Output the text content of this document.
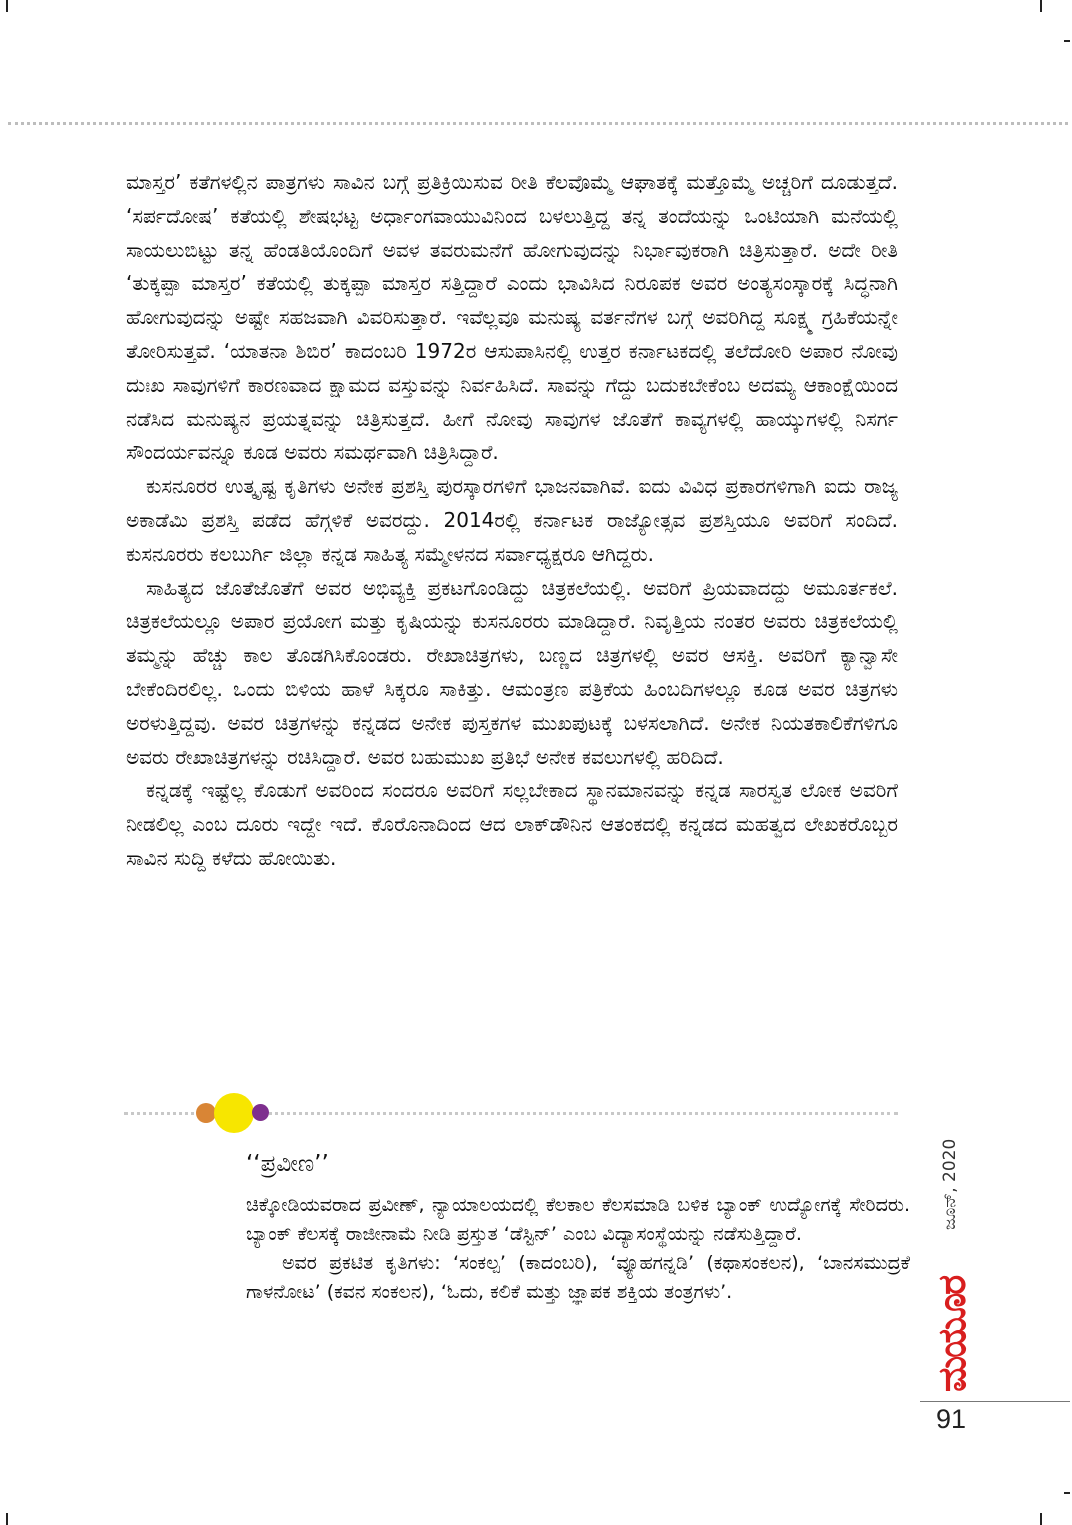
ಮಾಸ್ತರ’ ಕತೆಗಳಲ್ಲಿನ ಪಾತ್ರಗಳು ಸಾವಿನ ಬಗ್ಗೆ ಪ್ರತಿಕ್ರಿಯಿಸುವ ರೀತಿ ಕೆಲವೊಮ್ಮೆ ಆಘಾತಕ್ಕೆ ಮತ್ತೊಮ್ಮೆ ಅಚ್ಚರಿಗೆ ದೂಡುತ್ತದೆ. ‘ಸರ್ಪದೋಷ’ ಕತೆಯಲ್ಲಿ ಶೇಷಭಟ್ಟ ಅರ್ಧಾಂಗವಾಯುವಿನಿಂದ ಬಳಲುತ್ತಿದ್ದ ತನ್ನ ತಂದೆಯನ್ನು ಒಂಟಿಯಾಗಿ ಮನೆಯಲ್ಲಿ ಸಾಯಲುಬಿಟ್ಟು ತನ್ನ ಹೆಂಡತಿಯೊಂದಿಗೆ ಅವಳ ತವರುಮನೆಗೆ ಹೋಗುವುದನ್ನು ನಿರ್ಭಾವುಕರಾಗಿ ಚಿತ್ರಿಸುತ್ತಾರೆ. ಅದೇ ರೀತಿ ‘ತುಕ್ಕಪ್ಪಾ ಮಾಸ್ತರ’ ಕತೆಯಲ್ಲಿ ತುಕ್ಕಪ್ಪಾ ಮಾಸ್ತರ ಸತ್ತಿದ್ದಾರೆ ಎಂದು ಭಾವಿಸಿದ ನಿರೂಪಕ ಅವರ ಅಂತ್ಯಸಂಸ್ಕಾರಕ್ಕೆ ಸಿದ್ಧನಾಗಿ ಹೋಗುವುದನ್ನು ಅಷ್ಟೇ ಸಹಜವಾಗಿ ವಿವರಿಸುತ್ತಾರೆ. ಇವೆಲ್ಲವೂ ಮನುಷ್ಯ ವರ್ತನೆಗಳ ಬಗ್ಗೆ ಅವರಿಗಿದ್ದ ಸೂಕ್ಷ್ಮ ಗ್ರಹಿಕೆಯನ್ನೇ ತೋರಿಸುತ್ತವೆ. ‘ಯಾತನಾ ಶಿಬಿರ’ ಕಾದಂಬರಿ 1972ರ ಆಸುಪಾಸಿನಲ್ಲಿ ಉತ್ತರ ಕರ್ನಾಟಕದಲ್ಲಿ ತಲೆದೋರಿ ಅಪಾರ ನೋವು ದುಃಖ ಸಾವುಗಳಿಗೆ ಕಾರಣವಾದ ಕ್ಷಾಮದ ವಸ್ತುವನ್ನು ನಿರ್ವಹಿಸಿದೆ. ಸಾವನ್ನು ಗೆದ್ದು ಬದುಕಬೇಕೆಂಬ ಅದಮ್ಯ ಆಕಾಂಕ್ಷೆಯಿಂದ ನಡೆಸಿದ ಮನುಷ್ಯನ ಪ್ರಯತ್ನವನ್ನು ಚಿತ್ರಿಸುತ್ತದೆ. ಹೀಗೆ ನೋವು ಸಾವುಗಳ ಜೊತೆಗೆ ಕಾವ್ಯಗಳಲ್ಲಿ ಹಾಯ್ಕುಗಳಲ್ಲಿ ನಿಸರ್ಗ ಸೌಂದರ್ಯವನ್ನೂ ಕೂಡ ಅವರು ಸಮರ್ಥವಾಗಿ ಚಿತ್ರಿಸಿದ್ದಾರೆ.

ಕುಸನೂರರ ಉತ್ಕೃಷ್ಟ ಕೃತಿಗಳು ಅನೇಕ ಪ್ರಶಸ್ತಿ ಪುರಸ್ಕಾರಗಳಿಗೆ ಭಾಜನವಾಗಿವೆ. ಐದು ವಿವಿಧ ಪ್ರಕಾರಗಳಿಗಾಗಿ ಐದು ರಾಜ್ಯ ಅಕಾಡೆಮಿ ಪ್ರಶಸ್ತಿ ಪಡೆದ ಹೆಗ್ಗಳಿಕೆ ಅವರದ್ದು. 2014ರಲ್ಲಿ ಕರ್ನಾಟಕ ರಾಜ್ಯೋತ್ಸವ ಪ್ರಶಸ್ತಿಯೂ ಅವರಿಗೆ ಸಂದಿದೆ. ಕುಸನೂರರು ಕಲಬುರ್ಗಿ ಜಿಲ್ಲಾ ಕನ್ನಡ ಸಾಹಿತ್ಯ ಸಮ್ಮೇಳನದ ಸರ್ವಾಧ್ಯಕ್ಷರೂ ಆಗಿದ್ದರು.

ಸಾಹಿತ್ಯದ ಜೊತೆಜೊತೆಗೆ ಅವರ ಅಭಿವ್ಯಕ್ತಿ ಪ್ರಕಟಗೊಂಡಿದ್ದು ಚಿತ್ರಕಲೆಯಲ್ಲಿ. ಅವರಿಗೆ ಪ್ರಿಯವಾದದ್ದು ಅಮೂರ್ತಕಲೆ. ಚಿತ್ರಕಲೆಯಲ್ಲೂ ಅಪಾರ ಪ್ರಯೋಗ ಮತ್ತು ಕೃಷಿಯನ್ನು ಕುಸನೂರರು ಮಾಡಿದ್ದಾರೆ. ನಿವೃತ್ತಿಯ ನಂತರ ಅವರು ಚಿತ್ರಕಲೆಯಲ್ಲಿ ತಮ್ಮನ್ನು ಹೆಚ್ಚು ಕಾಲ ತೊಡಗಿಸಿಕೊಂಡರು. ರೇಖಾಚಿತ್ರಗಳು, ಬಣ್ಣದ ಚಿತ್ರಗಳಲ್ಲಿ ಅವರ ಆಸಕ್ತಿ. ಅವರಿಗೆ ಕ್ಯಾನ್ವಾಸೇ ಬೇಕೆಂದಿರಲಿಲ್ಲ. ಒಂದು ಬಿಳಿಯ ಹಾಳೆ ಸಿಕ್ಕರೂ ಸಾಕಿತ್ತು. ಆಮಂತ್ರಣ ಪತ್ರಿಕೆಯ ಹಿಂಬದಿಗಳಲ್ಲೂ ಕೂಡ ಅವರ ಚಿತ್ರಗಳು ಅರಳುತ್ತಿದ್ದವು. ಅವರ ಚಿತ್ರಗಳನ್ನು ಕನ್ನಡದ ಅನೇಕ ಪುಸ್ತಕಗಳ ಮುಖಪುಟಕ್ಕೆ ಬಳಸಲಾಗಿದೆ. ಅನೇಕ ನಿಯತಕಾಲಿಕೆಗಳಿಗೂ ಅವರು ರೇಖಾಚಿತ್ರಗಳನ್ನು ರಚಿಸಿದ್ದಾರೆ. ಅವರ ಬಹುಮುಖ ಪ್ರತಿಭೆ ಅನೇಕ ಕವಲುಗಳಲ್ಲಿ ಹರಿದಿದೆ.

ಕನ್ನಡಕ್ಕೆ ಇಷ್ಟೆಲ್ಲ ಕೊಡುಗೆ ಅವರಿಂದ ಸಂದರೂ ಅವರಿಗೆ ಸಲ್ಲಬೇಕಾದ ಸ್ಥಾನಮಾನವನ್ನು ಕನ್ನಡ ಸಾರಸ್ವತ ಲೋಕ ಅವರಿಗೆ ನೀಡಲಿಲ್ಲ ಎಂಬ ದೂರು ಇದ್ದೇ ಇದೆ. ಕೊರೊನಾದಿಂದ ಆದ ಲಾಕ್‌ಡೌನಿನ ಆತಂಕದಲ್ಲಿ ಕನ್ನಡದ ಮಹತ್ವದ ಲೇಖಕರೊಬ್ಬರ ಸಾವಿನ ಸುದ್ದಿ ಕಳೆದು ಹೋಯಿತು.

‘‘ಪ್ರವೀಣ’’

ಚಿಕ್ಕೋಡಿಯವರಾದ ಪ್ರವೀಣ್, ನ್ಯಾಯಾಲಯದಲ್ಲಿ ಕೆಲಕಾಲ ಕೆಲಸಮಾಡಿ ಬಳಿಕ ಬ್ಯಾಂಕ್ ಉದ್ಯೋಗಕ್ಕೆ ಸೇರಿದರು. ಬ್ಯಾಂಕ್ ಕೆಲಸಕ್ಕೆ ರಾಜೀನಾಮೆ ನೀಡಿ ಪ್ರಸ್ತುತ ‘ಡೆಸ್ಟಿನ್’ ಎಂಬ ವಿದ್ಯಾಸಂಸ್ಥೆಯನ್ನು ನಡೆಸುತ್ತಿದ್ದಾರೆ.

ಅವರ ಪ್ರಕಟಿತ ಕೃತಿಗಳು: ‘ಸಂಕಲ್ಪ’ (ಕಾದಂಬರಿ), ‘ವ್ಯೂಹಗನ್ನಡಿ’ (ಕಥಾಸಂಕಲನ), ‘ಬಾನಸಮುದ್ರಕೆ ಗಾಳನೋಟ’ (ಕವನ ಸಂಕಲನ), ‘ಓದು, ಕಲಿಕೆ ಮತ್ತು ಜ್ಞಾಪಕ ಶಕ್ತಿಯ ತಂತ್ರಗಳು’.

ಜೂನ್, 2020
ಮಯೂರ
91
